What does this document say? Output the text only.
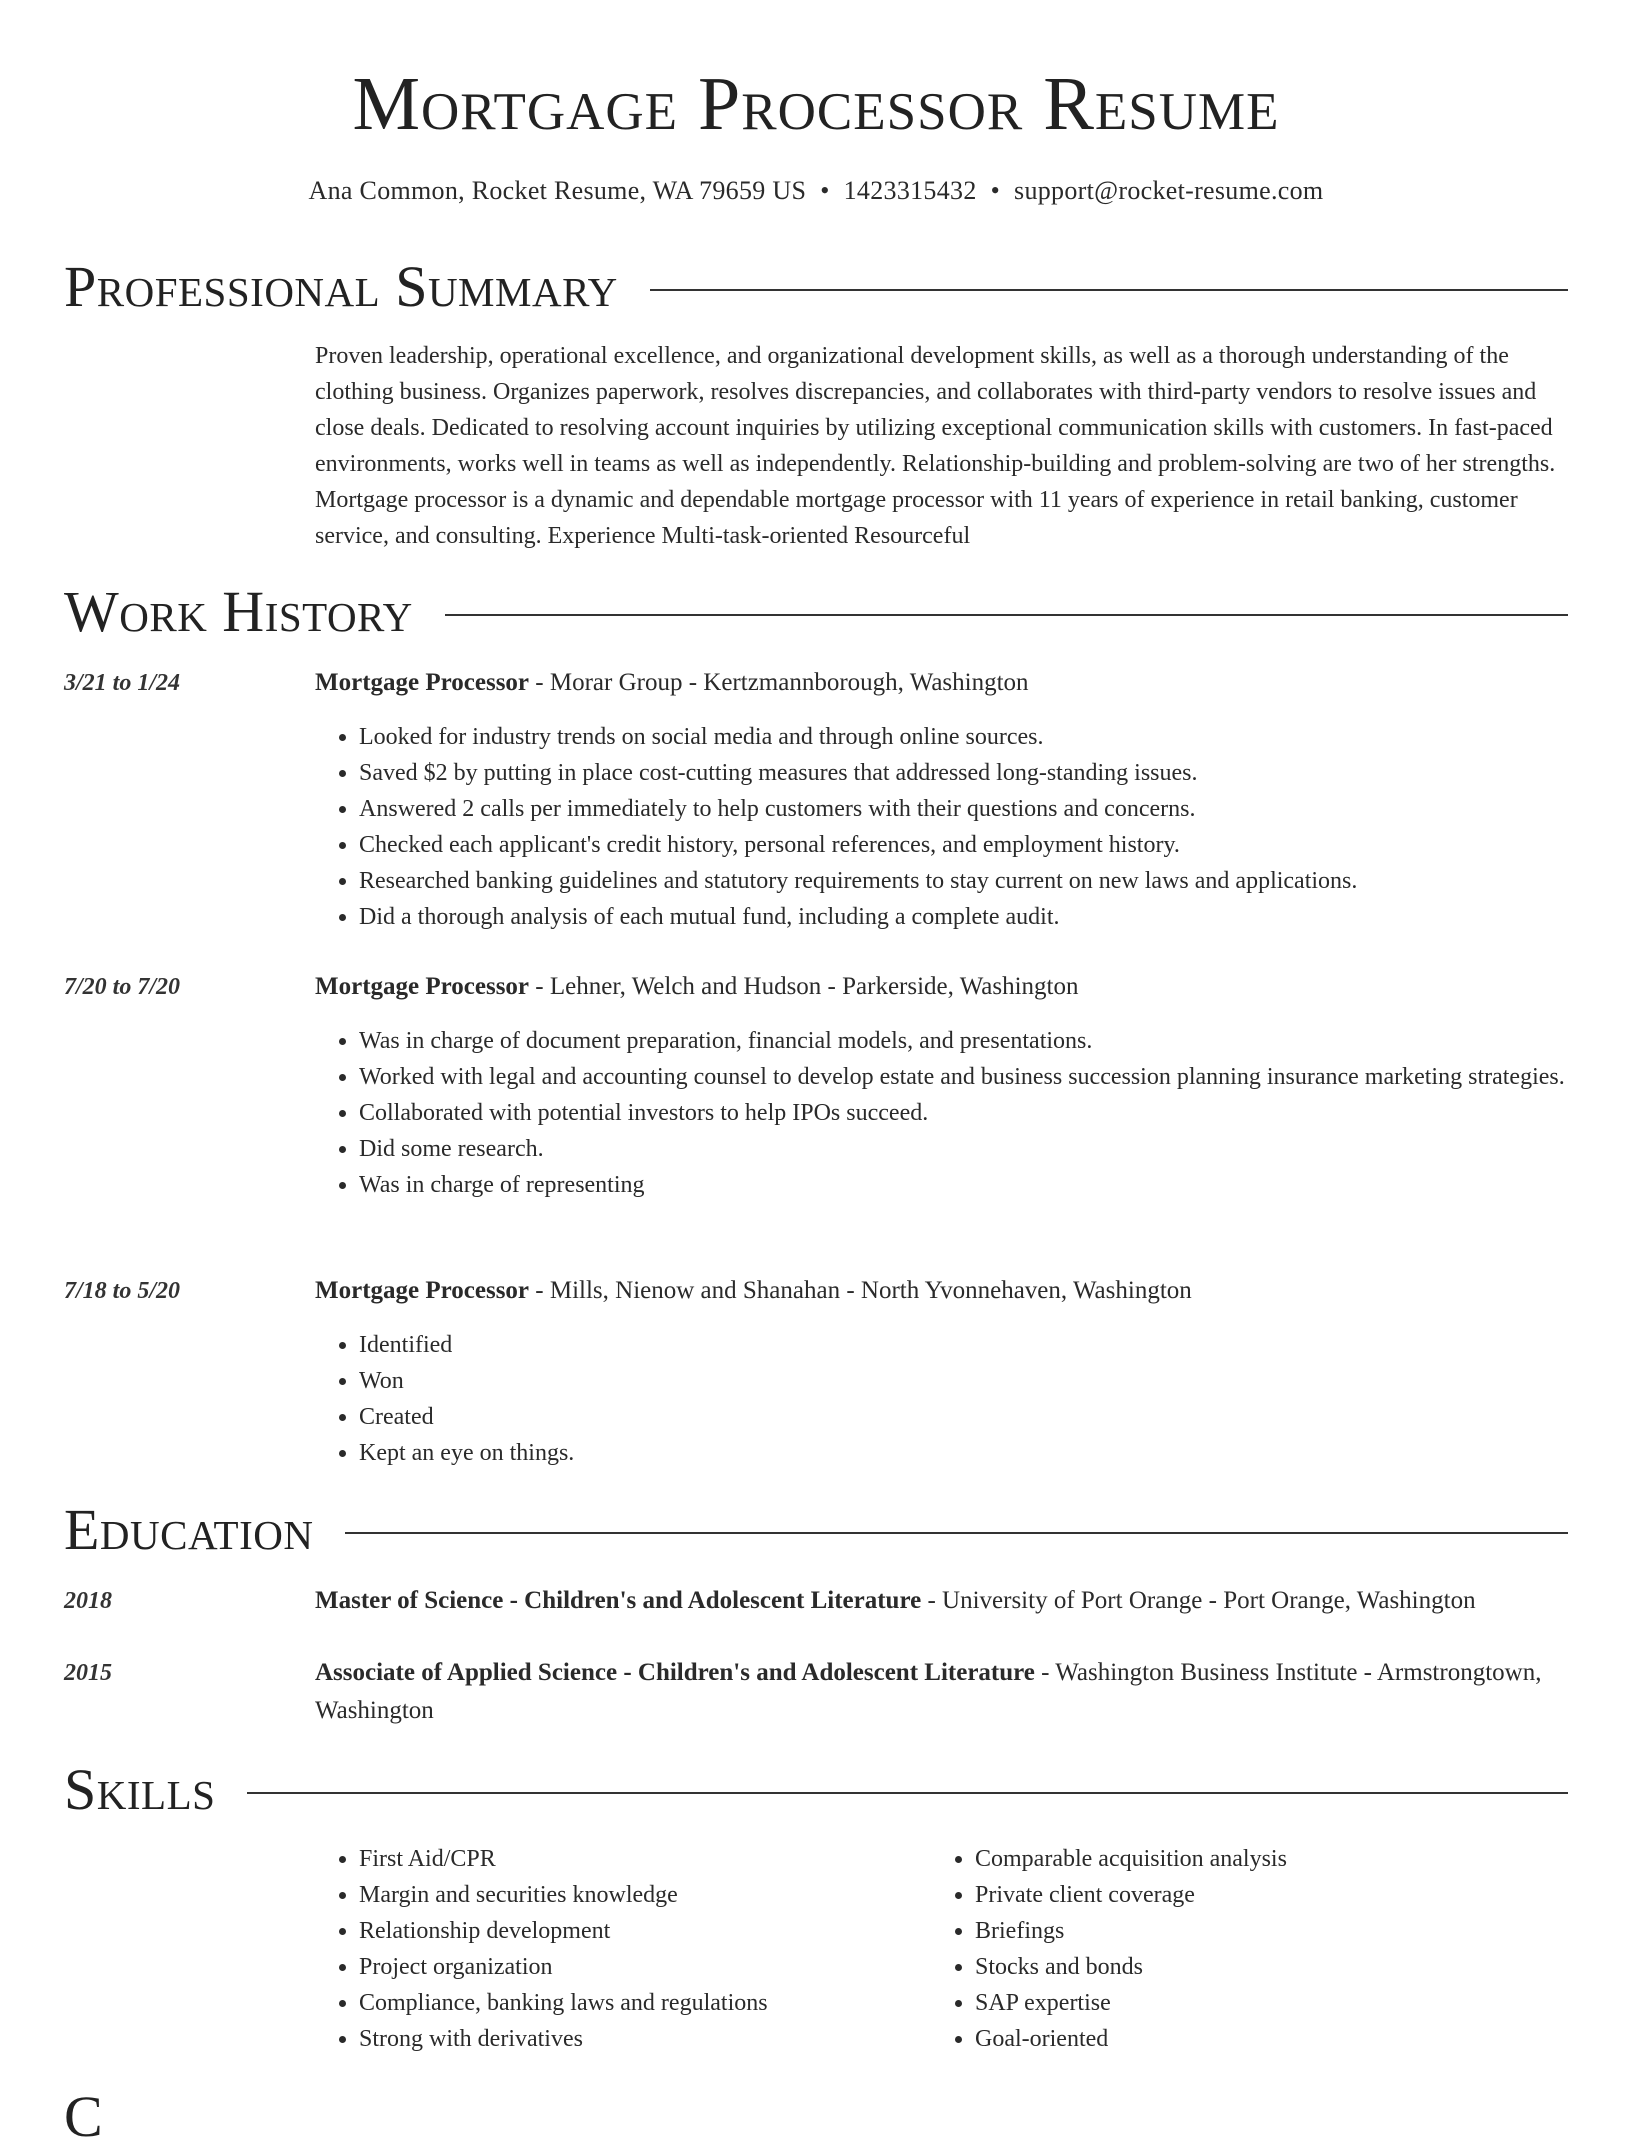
Mortgage Processor Resume
Ana Common, Rocket Resume, WA 79659 US • 1423315432 • support@rocket-resume.com
Professional Summary

Proven leadership, operational excellence, and organizational development skills, as well as a thorough understanding of the clothing business. Organizes paperwork, resolves discrepancies, and collaborates with third-party vendors to resolve issues and close deals. Dedicated to resolving account inquiries by utilizing exceptional communication skills with customers. In fast-paced environments, works well in teams as well as independently. Relationship-building and problem-solving are two of her strengths. Mortgage processor is a dynamic and dependable mortgage processor with 11 years of experience in retail banking, customer service, and consulting. Experience Multi-task-oriented Resourceful

Work History
3/21 to 1/24	Mortgage Processor - Morar Group - Kertzmannborough, Washington
• Looked for industry trends on social media and through online sources.
• Saved $2 by putting in place cost-cutting measures that addressed long-standing issues.
• Answered 2 calls per immediately to help customers with their questions and concerns.
• Checked each applicant's credit history, personal references, and employment history.
• Researched banking guidelines and statutory requirements to stay current on new laws and applications.
• Did a thorough analysis of each mutual fund, including a complete audit.
7/20 to 7/20	Mortgage Processor - Lehner, Welch and Hudson - Parkerside, Washington
• Was in charge of document preparation, financial models, and presentations.
• Worked with legal and accounting counsel to develop estate and business succession planning insurance marketing strategies.
• Collaborated with potential investors to help IPOs succeed.
• Did some research.
• Was in charge of representing
7/18 to 5/20	Mortgage Processor - Mills, Nienow and Shanahan - North Yvonnehaven, Washington
• Identified
• Won
• Created
• Kept an eye on things.
Education
2018	Master of Science - Children's and Adolescent Literature - University of Port Orange - Port Orange, Washington
2015	Associate of Applied Science - Children's and Adolescent Literature - Washington Business Institute - Armstrongtown, Washington
Skills
• First Aid/CPR
• Margin and securities knowledge
• Relationship development
• Project organization
• Compliance, banking laws and regulations
• Strong with derivatives
• Comparable acquisition analysis
• Private client coverage
• Briefings
• Stocks and bonds
• SAP expertise
• Goal-oriented
C
